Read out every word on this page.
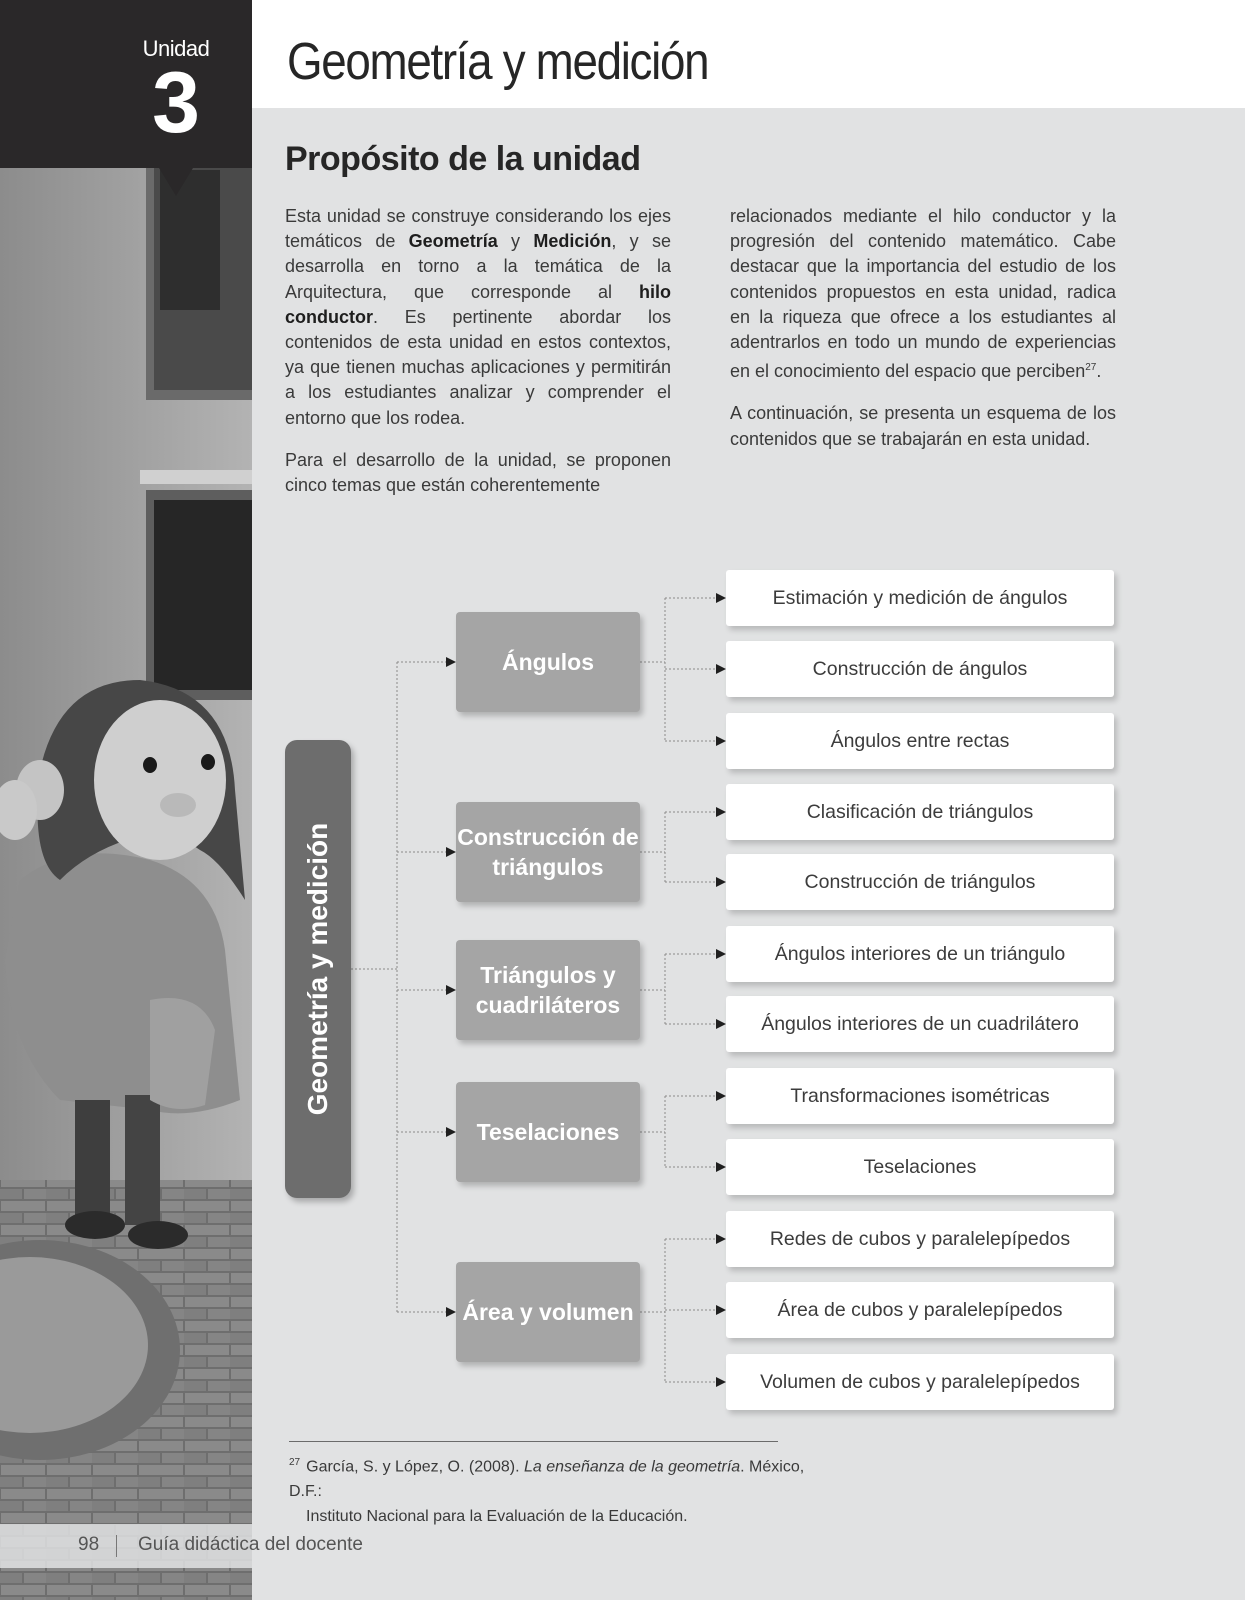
Unidad
3	Geometría y medición
Propósito de la unidad

Esta unidad se construye considerando los ejes temáticos de Geometría y Medición, y se desarrolla en torno a la temática de la Arquitectura, que corresponde al hilo conductor. Es pertinente abordar los contenidos de esta unidad en estos contextos, ya que tienen muchas aplicaciones y permitirán a los estudiantes analizar y comprender el entorno que los rodea.

Para el desarrollo de la unidad, se proponen cinco temas que están coherentemente

relacionados mediante el hilo conductor y la progresión del contenido matemático. Cabe destacar que la importancia del estudio de los contenidos propuestos en esta unidad, radica en la riqueza que ofrece a los estudiantes al adentrarlos en todo un mundo de experiencias en el conocimiento del espacio que perciben$^{27}$.

A continuación, se presenta un esquema de los contenidos que se trabajarán en esta unidad.

Geometría y medición
Ángulos
Construcción de triángulos
Triángulos y cuadriláteros
Teselaciones
Área y volumen
Estimación y medición de ángulos
Construcción de ángulos
Ángulos entre rectas
Clasificación de triángulos
Construcción de triángulos
Ángulos interiores de un triángulo
Ángulos interiores de un cuadrilátero
Transformaciones isométricas
Teselaciones
Redes de cubos y paralelepípedos
Área de cubos y paralelepípedos
Volumen de cubos y paralelepípedos
$^{27}$ García, S. y López, O. (2008). La enseñanza de la geometría. México, D.F.:
Instituto Nacional para la Evaluación de la Educación.
98 Guía didáctica del docente
